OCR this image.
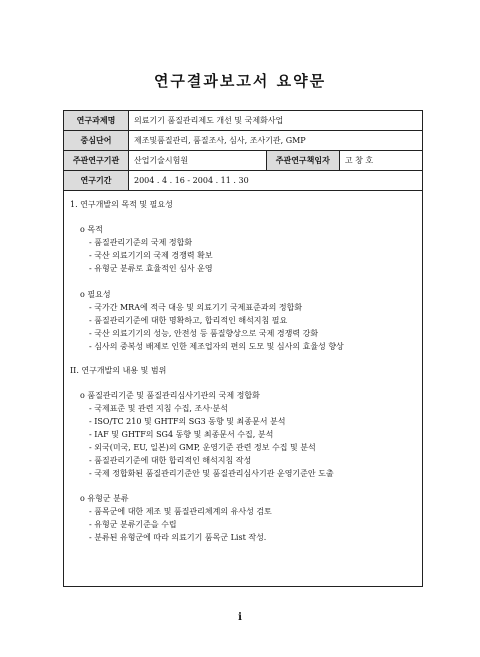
연구결과보고서 요약문
연구과제명	의료기기 품질관리제도 개선 및 국제화사업		
중심단어	제조및품질관리, 품질조사, 심사, 조사기관, GMP		
주관연구기관	산업기술시험원	주관연구책임자	고 창 호
연구기간	2004 . 4 . 16 - 2004 . 11 . 30		
1. 연구개발의 목적 및 필요성
o 목적
- 품질관리기준의 국제 정합화
- 국산 의료기기의 국제 경쟁력 확보
- 유형군 분류로 효율적인 심사 운영
o 필요성
- 국가간 MRA에 적극 대응 및 의료기기 국제표준과의 정합화
- 품질관리기준에 대한 명확하고, 합리적인 해석지침 필요
- 국산 의료기기의 성능, 안전성 등 품질향상으로 국제 경쟁력 강화
- 심사의 중복성 배제로 인한 제조업자의 편의 도모 및 심사의 효율성 향상
II. 연구개발의 내용 및 범위
o 품질관리기준 및 품질관리심사기관의 국제 정합화
- 국제표준 및 관련 지침 수집, 조사·분석
- ISO/TC 210 및 GHTF의 SG3 동향 및 최종문서 분석
- IAF 및 GHTF의 SG4 동향 및 최종문서 수집, 분석
- 외국(미국, EU, 일본)의 GMP, 운영기준 관련 정보 수집 및 분석
- 품질관리기준에 대한 합리적인 해석지침 작성
- 국제 정합화된 품질관리기준안 및 품질관리심사기관 운영기준안 도출
o 유형군 분류
- 품목군에 대한 제조 및 품질관리체계의 유사성 검토
- 유형군 분류기준을 수립
- 분류된 유형군에 따라 의료기기 품목군 List 작성.
i
